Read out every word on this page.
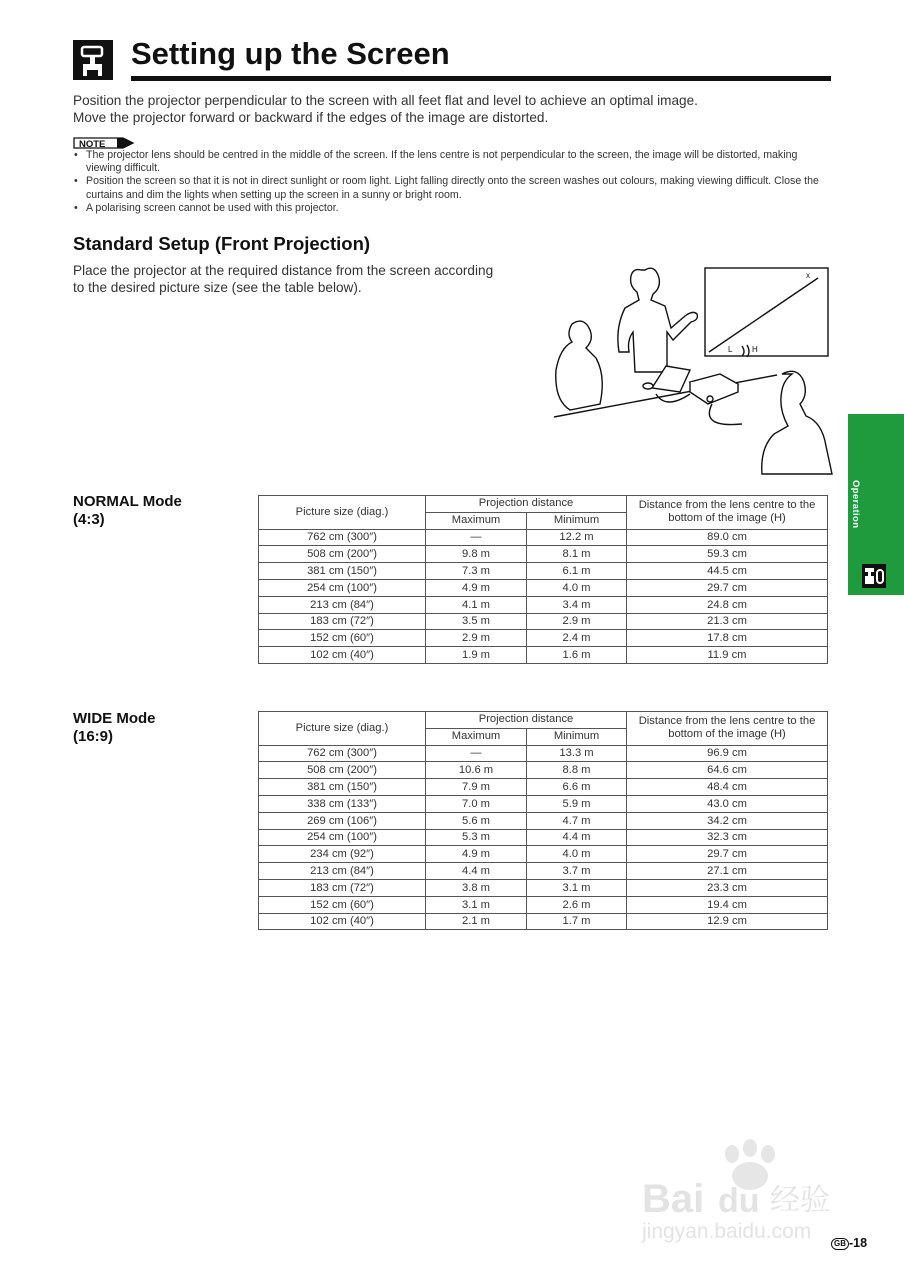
Setting up the Screen
Position the projector perpendicular to the screen with all feet flat and level to achieve an optimal image.
Move the projector forward or backward if the edges of the image are distorted.
NOTE
• The projector lens should be centred in the middle of the screen. If the lens centre is not perpendicular to the screen, the image will be distorted, making viewing difficult.
• Position the screen so that it is not in direct sunlight or room light. Light falling directly onto the screen washes out colours, making viewing difficult. Close the curtains and dim the lights when setting up the screen in a sunny or bright room.
• A polarising screen cannot be used with this projector.
Standard Setup (Front Projection)
Place the projector at the required distance from the screen according
to the desired picture size (see the table below).
x
L H
Operation
NORMAL Mode
(4:3)	Picture size (diag.)	Projection distance		Distance from the lens centre to the bottom of the image (H)
	Maximum	Minimum	
762 cm (300″)	—	12.2 m	89.0 cm
508 cm (200″)	9.8 m	8.1 m	59.3 cm
381 cm (150″)	7.3 m	6.1 m	44.5 cm
254 cm (100″)	4.9 m	4.0 m	29.7 cm
213 cm (84″)	4.1 m	3.4 m	24.8 cm
183 cm (72″)	3.5 m	2.9 m	21.3 cm
152 cm (60″)	2.9 m	2.4 m	17.8 cm
102 cm (40″)	1.9 m	1.6 m	11.9 cm
WIDE Mode
(16:9)
Picture size (diag.)	Projection distance		Distance from the lens centre to the bottom of the image (H)
	Maximum	Minimum	
762 cm (300″)	—	13.3 m	96.9 cm
508 cm (200″)	10.6 m	8.8 m	64.6 cm
381 cm (150″)	7.9 m	6.6 m	48.4 cm
338 cm (133″)	7.0 m	5.9 m	43.0 cm
269 cm (106″)	5.6 m	4.7 m	34.2 cm
254 cm (100″)	5.3 m	4.4 m	32.3 cm
234 cm (92″)	4.9 m	4.0 m	29.7 cm
213 cm (84″)	4.4 m	3.7 m	27.1 cm
183 cm (72″)	3.8 m	3.1 m	23.3 cm
152 cm (60″)	3.1 m	2.6 m	19.4 cm
102 cm (40″)	2.1 m	1.7 m	12.9 cm
Bai du 经验
jingyan.baidu.com
GB -18
